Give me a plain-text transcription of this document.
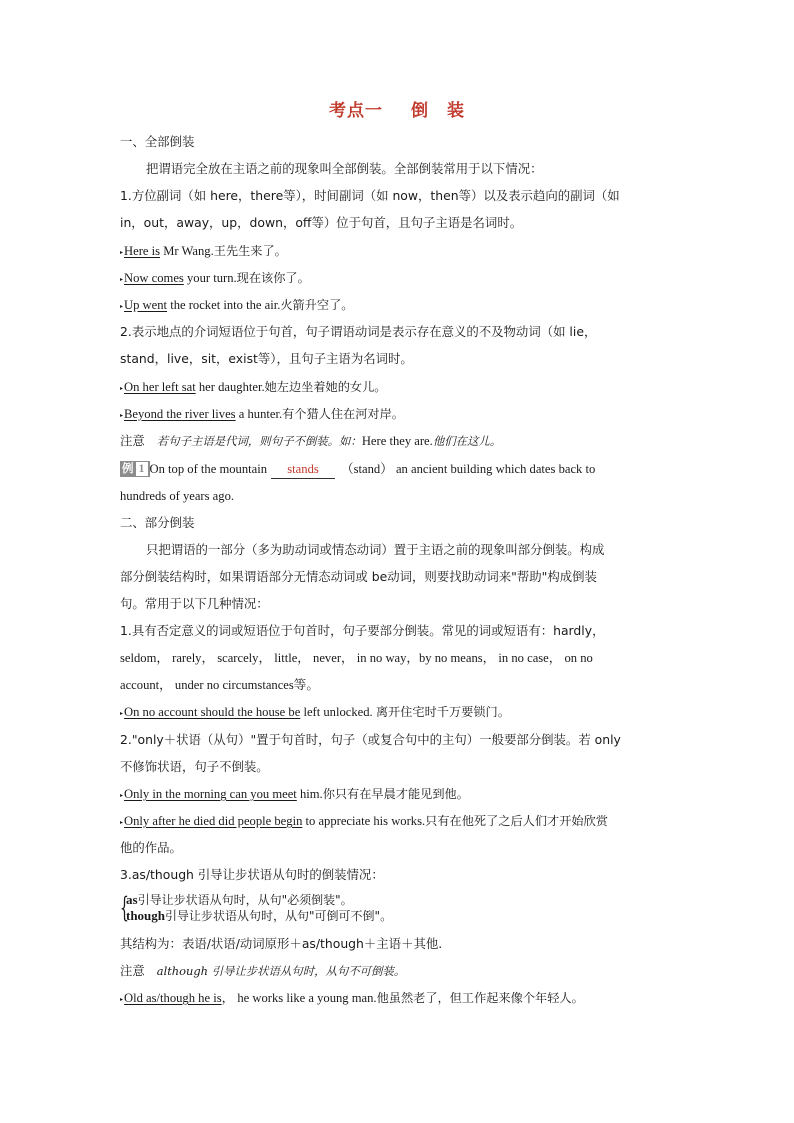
考点一 倒 装
一、全部倒装
把谓语完全放在主语之前的现象叫全部倒装。全部倒装常用于以下情况：
1.方位副词（如 here，there等），时间副词（如 now，then等）以及表示趋向的副词（如
in，out，away，up，down，off等）位于句首，且句子主语是名词时。
▸Here is Mr Wang.王先生来了。
▸Now comes your turn.现在该你了。
▸Up went the rocket into the air.火箭升空了。
2.表示地点的介词短语位于句首，句子谓语动词是表示存在意义的不及物动词（如 lie，
stand，live，sit，exist等），且句子主语为名词时。
▸On her left sat her daughter.她左边坐着她的女儿。
▸Beyond the river lives a hunter.有个猎人住在河对岸。
注意 若句子主语是代词，则句子不倒装。如：Here they are.他们在这儿。
例 1 On top of the mountain stands （stand） an ancient building which dates back to
hundreds of years ago.
二、部分倒装
只把谓语的一部分（多为助动词或情态动词）置于主语之前的现象叫部分倒装。构成
部分倒装结构时，如果谓语部分无情态动词或 be动词，则要找助动词来"帮助"构成倒装
句。常用于以下几种情况：
1.具有否定意义的词或短语位于句首时，句子要部分倒装。常见的词或短语有：hardly，
seldom， rarely， scarcely， little， never， in no way，by no means， in no case， on no
account， under no circumstances等。
▸On no account should the house be left unlocked. 离开住宅时千万要锁门。
2."only＋状语（从句）"置于句首时，句子（或复合句中的主句）一般要部分倒装。若 only
不修饰状语，句子不倒装。
▸Only in the morning can you meet him.你只有在早晨才能见到他。
▸Only after he died did people begin to appreciate his works.只有在他死了之后人们才开始欣赏
他的作品。
3.as/though 引导让步状语从句时的倒装情况：
{
as引导让步状语从句时，从句"必须倒装"。
though引导让步状语从句时，从句"可倒可不倒"。
其结构为：表语/状语/动词原形＋as/though＋主语＋其他.
注意 although 引导让步状语从句时，从句不可倒装。
▸Old as/though he is， he works like a young man.他虽然老了，但工作起来像个年轻人。
